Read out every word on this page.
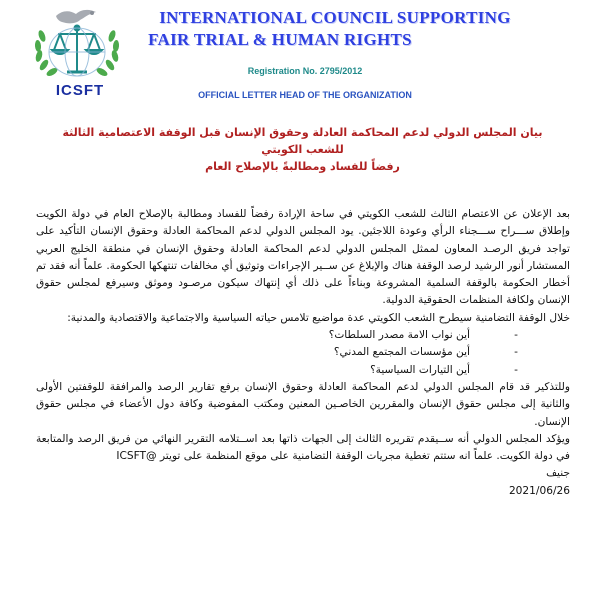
ICSFT
INTERNATIONAL COUNCIL SUPPORTING
FAIR TRIAL & HUMAN RIGHTS
Registration No. 2795/2012
OFFICIAL LETTER HEAD OF THE ORGANIZATION
بيان المجلس الدولي لدعم المحاكمة العادلة وحقوق الإنسان قبل الوقفة الاعتصامية الثالثة للشعب الكويتي
رفضاً للفساد ومطالبةً بالإصلاح العام

بعد الإعلان عن الاعتصام الثالث للشعب الكويتي في ساحة الإرادة رفضاً للفساد ومطالبة بالإصلاح العام في دولة الكويت وإطلاق ســـراح ســـجناء الرأي وعودة اللاجئين. يود المجلس الدولي لدعم المحاكمة العادلة وحقوق الإنسان التأكيد على تواجد فريق الرصـد المعاون لممثل المجلس الدولي لدعم المحاكمة العادلة وحقوق الإنسان في منطقة الخليج العربي المستشار أنور الرشيد لرصد الوقفة هناك والإبلاغ عن ســير الإجراءات وتوثيق أي مخالفات تنتهكها الحكومة. علماً أنه فقد تم أخطار الحكومة بالوقفة السلمية المشروعة وبناءاً على ذلك أي إنتهاك سيكون مرصـود وموثق وسيرفع لمجلس حقوق الإنسان ولكافة المنظمات الحقوقية الدولية.

خلال الوقفة التضامنية سيطرح الشعب الكويتي عدة مواضيع تلامس حياته السياسية والاجتماعية والاقتصادية والمدنية:

- أين نواب الامة مصدر السلطات؟
- أين مؤسسات المجتمع المدني؟
- أين التيارات السياسية؟

وللتذكير قد قام المجلس الدولي لدعم المحاكمة العادلة وحقوق الإنسان برفع تقارير الرصد والمرافقة للوقفتين الأولى والثانية إلى مجلس حقوق الإنسان والمقررين الخاصـين المعنين ومكتب المفوضية وكافة دول الأعضاء في مجلس حقوق الإنسان.

ويؤكد المجلس الدولي أنه ســيقدم تقريره الثالث إلى الجهات ذاتها بعد اســتلامه التقرير النهائي من فريق الرصد والمتابعة في دولة الكويت. علماً انه ستتم تغطية مجريات الوقفة التضامنية على موقع المنظمة على تويتر @ICSFT

جنيف

2021/06/26
